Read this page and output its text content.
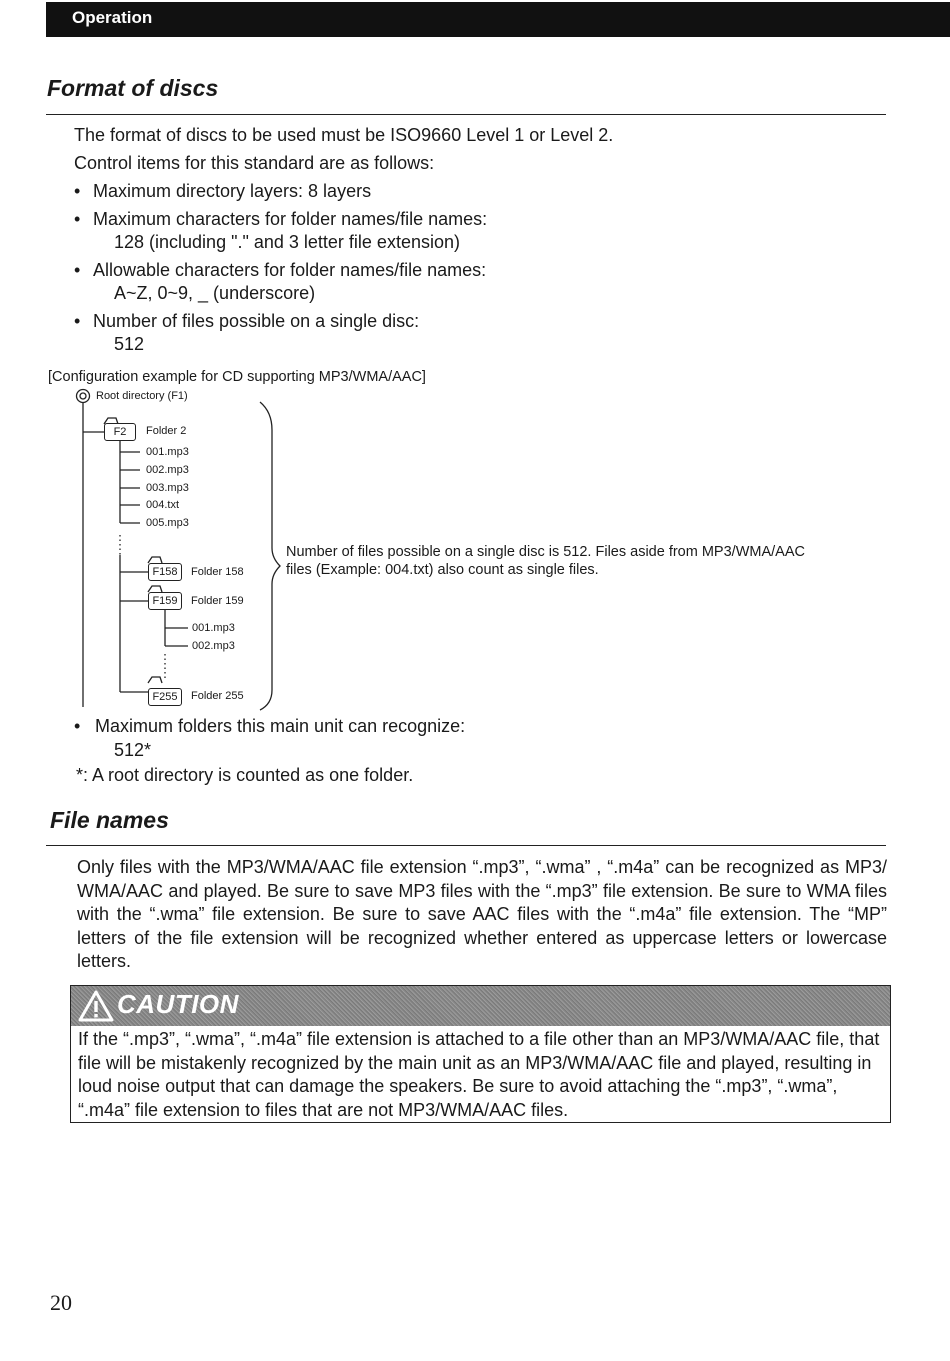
Operation
Format of discs
The format of discs to be used must be ISO9660 Level 1 or Level 2.
Control items for this standard are as follows:
• Maximum directory layers: 8 layers
• Maximum characters for folder names/file names:
128 (including "." and 3 letter file extension)
• Allowable characters for folder names/file names:
A~Z, 0~9, _ (underscore)
• Number of files possible on a single disc:
512
[Configuration example for CD supporting MP3/WMA/AAC]
Root directory (F1)
F2	Folder 2
001.mp3
002.mp3
003.mp3
004.txt
005.mp3
F158	Folder 158
F159	Folder 159
001.mp3
002.mp3
F255	Folder 255
Number of files possible on a single disc is 512. Files aside from MP3/WMA/AAC
files (Example: 004.txt) also count as single files.
• Maximum folders this main unit can recognize:
512*
*: A root directory is counted as one folder.
File names
Only files with the MP3/WMA/AAC file extension “.mp3”, “.wma” , “.m4a” can be recognized as MP3/ WMA/AAC and played. Be sure to save MP3 files with the “.mp3” file extension. Be sure to WMA files with the “.wma” file extension. Be sure to save AAC files with the “.m4a” file extension. The “MP” letters of the file extension will be recognized whether entered as uppercase letters or lowercase letters.
CAUTION
If the “.mp3”, “.wma”, “.m4a” file extension is attached to a file other than an MP3/WMA/AAC file, that file will be mistakenly recognized by the main unit as an MP3/WMA/AAC file and played, resulting in loud noise output that can damage the speakers. Be sure to avoid attaching the “.mp3”, “.wma”, “.m4a” file extension to files that are not MP3/WMA/AAC files.
20
